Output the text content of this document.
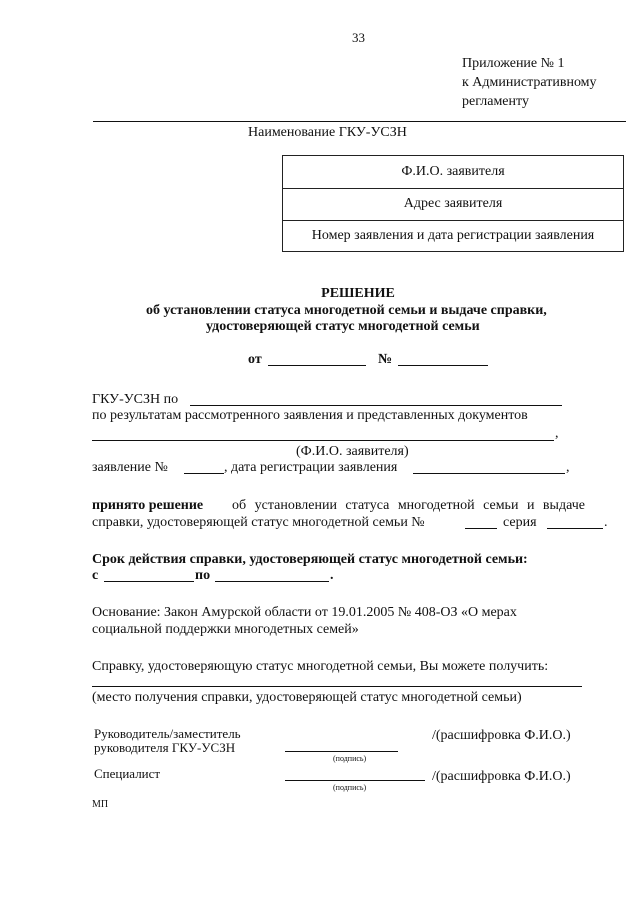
33
Приложение № 1
к Административному
регламенту
Наименование ГКУ-УСЗН
Ф.И.О. заявителя
Адрес заявителя
Номер заявления и дата регистрации заявления
РЕШЕНИЕ
об установлении статуса многодетной семьи и выдаче справки,
удостоверяющей статус многодетной семьи
от	№
ГКУ-УСЗН по
по результатам рассмотренного заявления и представленных документов
,
(Ф.И.О. заявителя)
заявление №	, дата регистрации заявления	,
принято решение об установлении статуса многодетной семьи и выдаче
справки, удостоверяющей статус многодетной семьи №	серия	.
Срок действия справки, удостоверяющей статус многодетной семьи:
с	по	.
Основание: Закон Амурской области от 19.01.2005 № 408-ОЗ «О мерах
социальной поддержки многодетных семей»
Справку, удостоверяющую статус многодетной семьи, Вы можете получить:
(место получения справки, удостоверяющей статус многодетной семьи)
Руководитель/заместитель
руководителя ГКУ-УСЗН
(подпись)
/(расшифровка Ф.И.О.)
Специалист
(подпись)
/(расшифровка Ф.И.О.)
МП
